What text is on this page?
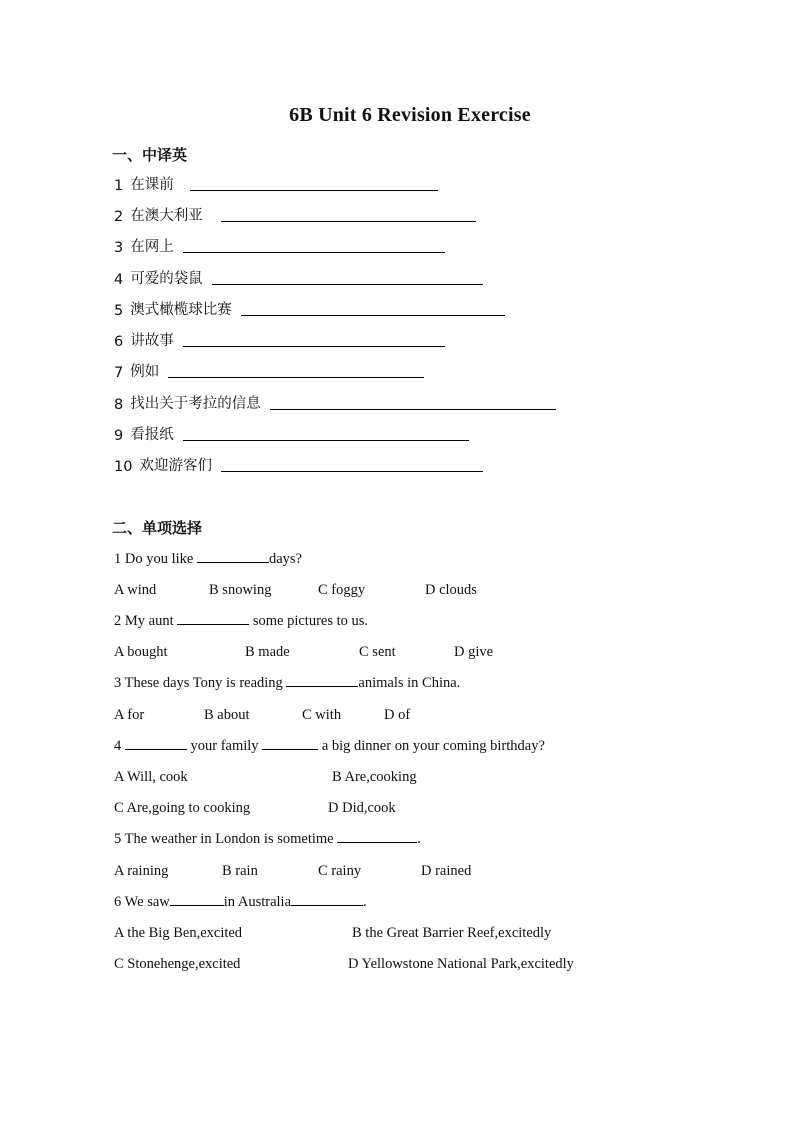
6B Unit 6 Revision Exercise
一、中译英
1 在课前
2 在澳大利亚
3 在网上
4 可爱的袋鼠
5 澳式橄榄球比赛
6 讲故事
7 例如
8 找出关于考拉的信息
9 看报纸
10 欢迎游客们
二、单项选择
1 Do you like	days?
A wind	B snowing	C foggy	D clouds
2 My aunt	some pictures to us.
A bought	B made	C sent	D give
3 These days Tony is reading	animals in China.
A for	B about	C with	D of
4	your family	a big dinner on your coming birthday?
A Will, cook	B Are,cooking
C Are,going to cooking	D Did,cook
5 The weather in London is sometime	.
A raining	B rain	C rainy	D rained
6 We saw	in Australia	.
A the Big Ben,excited	B the Great Barrier Reef,excitedly
C Stonehenge,excited	D Yellowstone National Park,excitedly
